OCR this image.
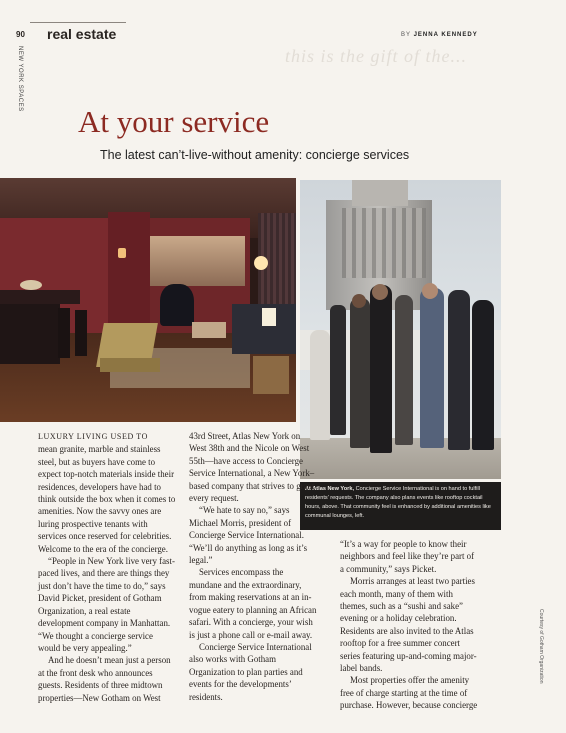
90
NEW YORK SPACES
real estate	BY JENNA KENNEDY
this is the gift of the...
At your service
The latest can’t-live-without amenity: concierge services
At Atlas New York, Concierge Service International is on hand to fulfill residents’ requests. The company also plans events like rooftop cocktail hours, above. That community feel is enhanced by additional amenities like communal lounges, left.

LUXURY LIVING USED TO

mean granite, marble and stainless steel, but as buyers have come to expect top-notch materials inside their residences, developers have had to think outside the box when it comes to amenities. Now the savvy ones are luring prospective tenants with services once reserved for celebrities. Welcome to the era of the concierge.

“People in New York live very fast-paced lives, and there are things they just don’t have the time to do,” says David Picket, president of Gotham Organization, a real estate development company in Manhattan. “We thought a concierge service would be very appealing.”

And he doesn’t mean just a person at the front desk who announces guests. Residents of three midtown properties—New Gotham on West

43rd Street, Atlas New York on West 38th and the Nicole on West 55th—have access to Concierge Service International, a New York–based company that strives to grant every request.

“We hate to say no,” says Michael Morris, president of Concierge Service International. “We’ll do anything as long as it’s legal.”

Services encompass the mundane and the extraordinary, from making reservations at an in-vogue eatery to planning an African safari. With a concierge, your wish is just a phone call or e-mail away.

Concierge Service International also works with Gotham Organization to plan parties and events for the developments’ residents.

“It’s a way for people to know their neighbors and feel like they’re part of a community,” says Picket.

Morris arranges at least two parties each month, many of them with themes, such as a “sushi and sake” evening or a holiday celebration. Residents are also invited to the Atlas rooftop for a free summer concert series featuring up-and-coming major-label bands.

Most properties offer the amenity free of charge starting at the time of purchase. However, because concierge

Courtesy of Gotham Organization
